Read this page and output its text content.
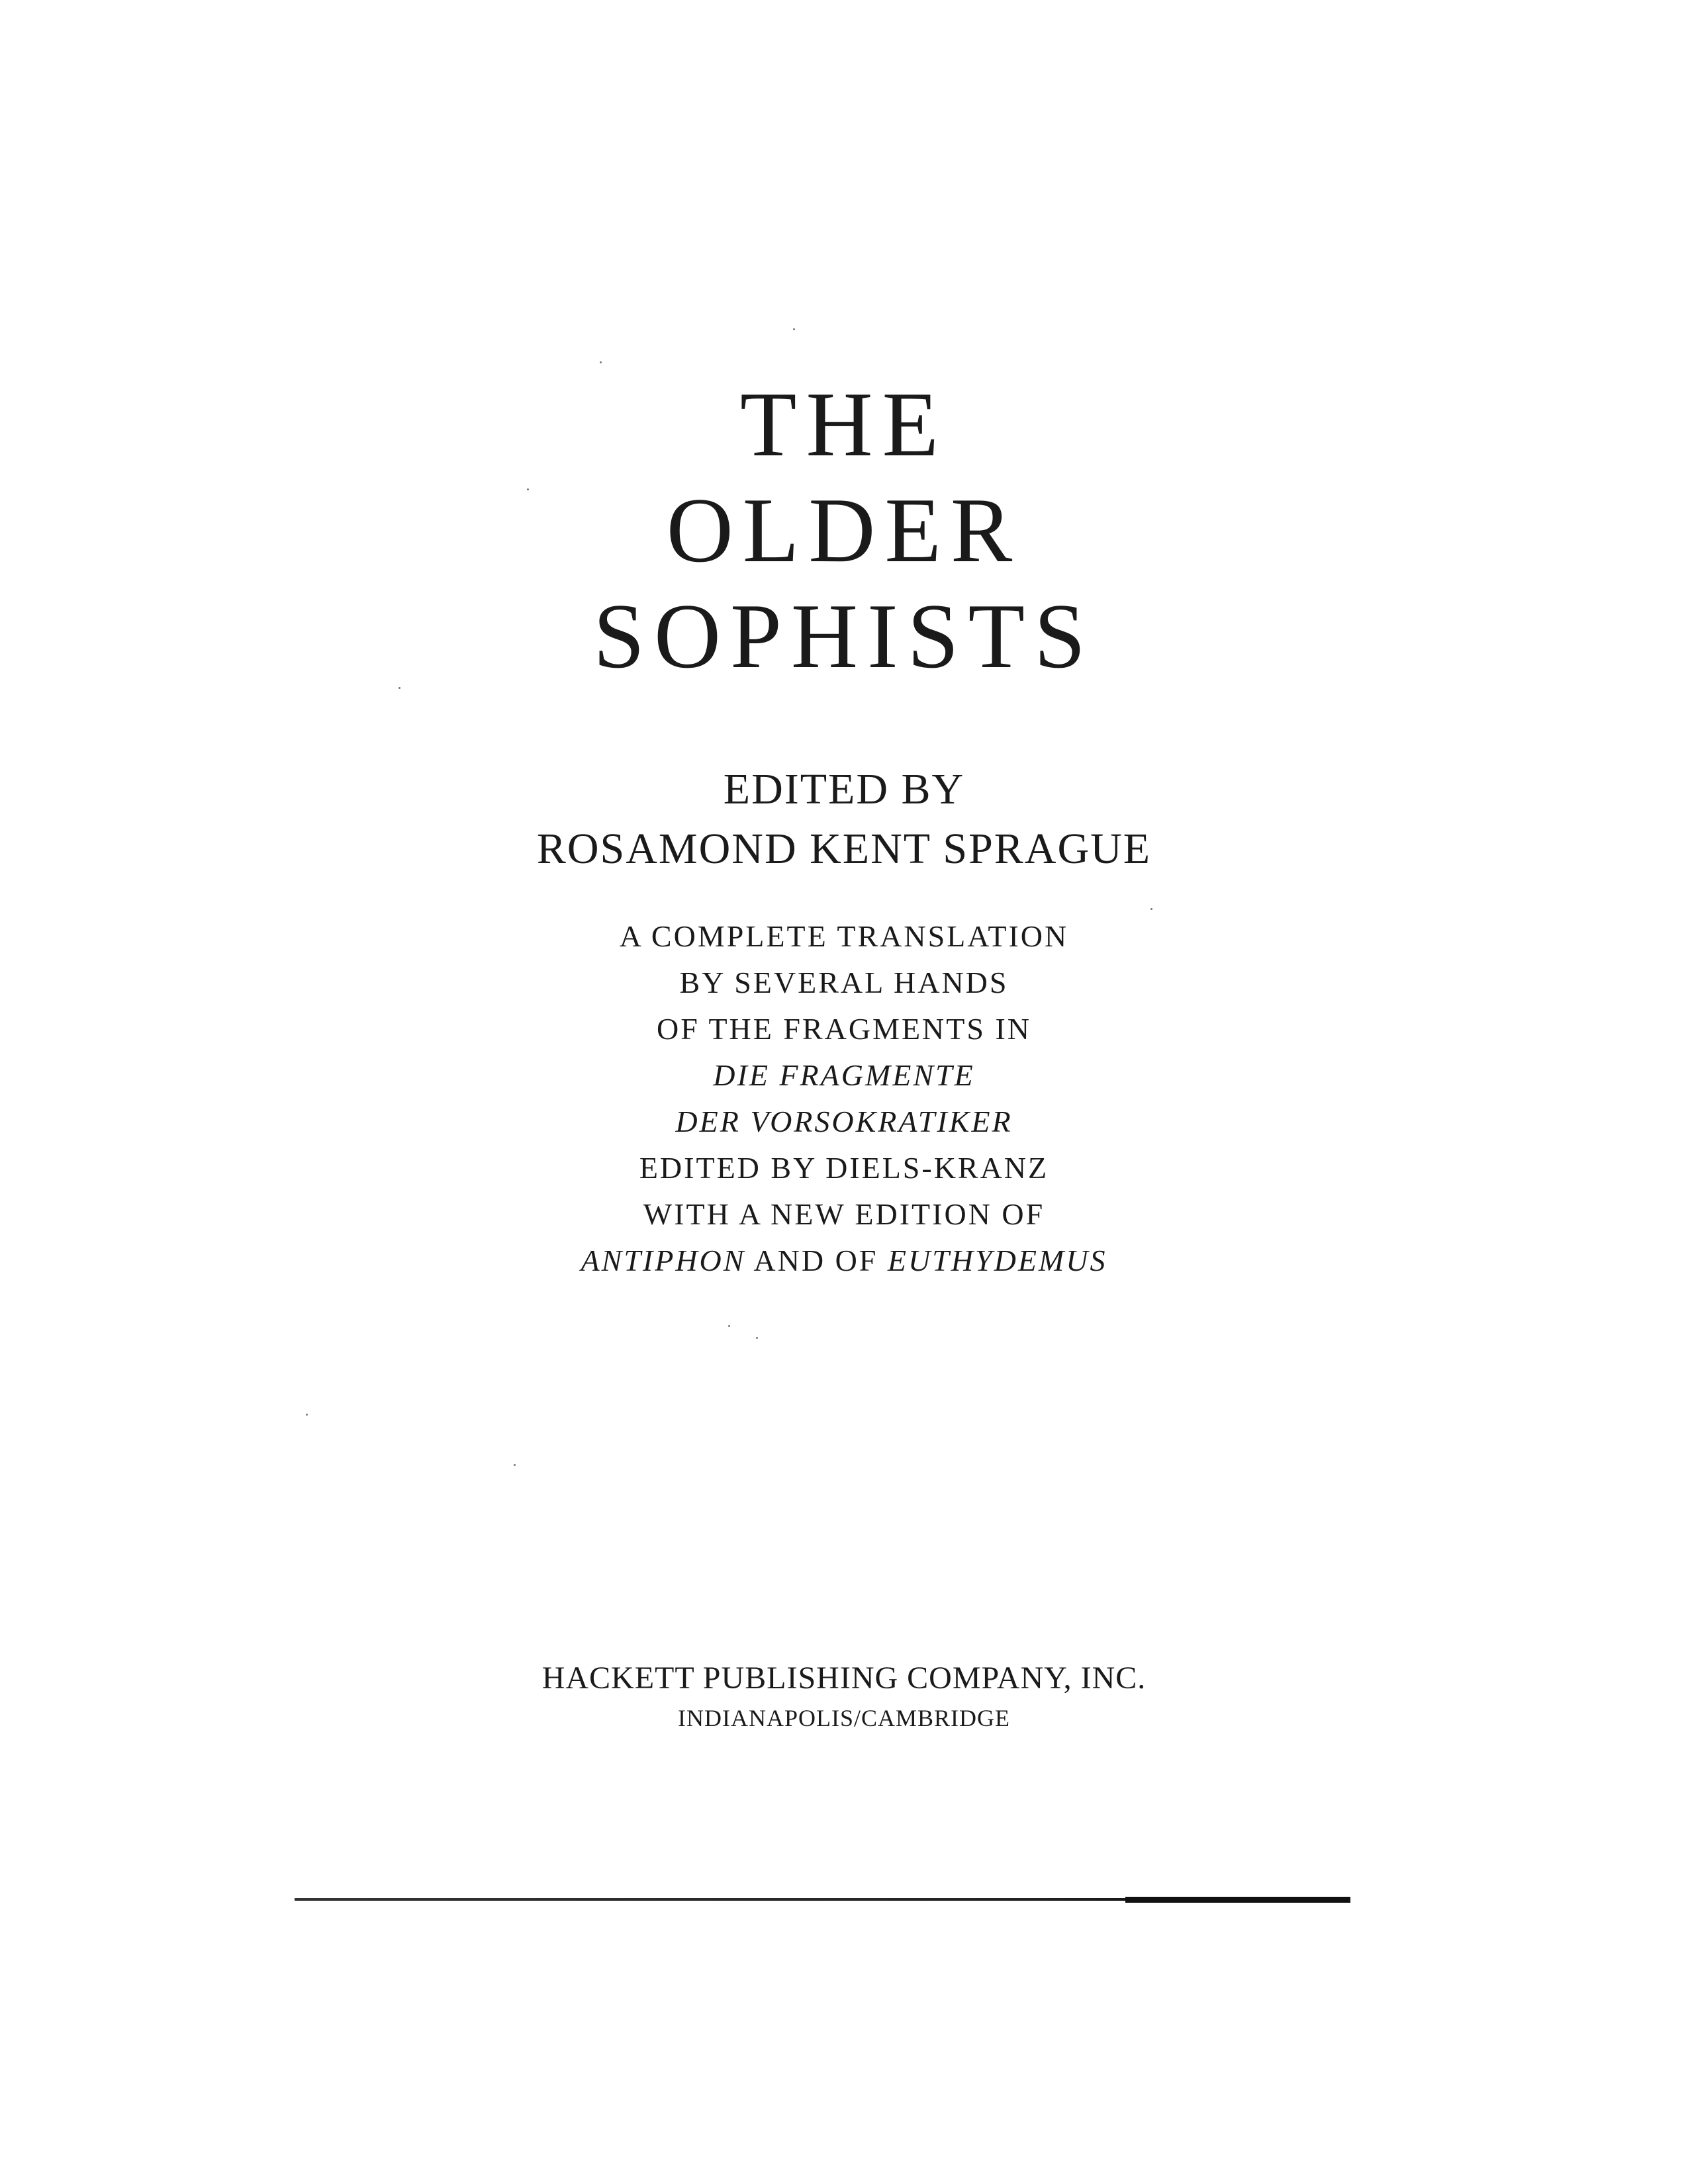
THE
OLDER
SOPHISTS
EDITED BY
ROSAMOND KENT SPRAGUE
A COMPLETE TRANSLATION
BY SEVERAL HANDS
OF THE FRAGMENTS IN
DIE FRAGMENTE
DER VORSOKRATIKER
EDITED BY DIELS-KRANZ
WITH A NEW EDITION OF
ANTIPHON AND OF EUTHYDEMUS
HACKETT PUBLISHING COMPANY, INC.
INDIANAPOLIS/CAMBRIDGE
